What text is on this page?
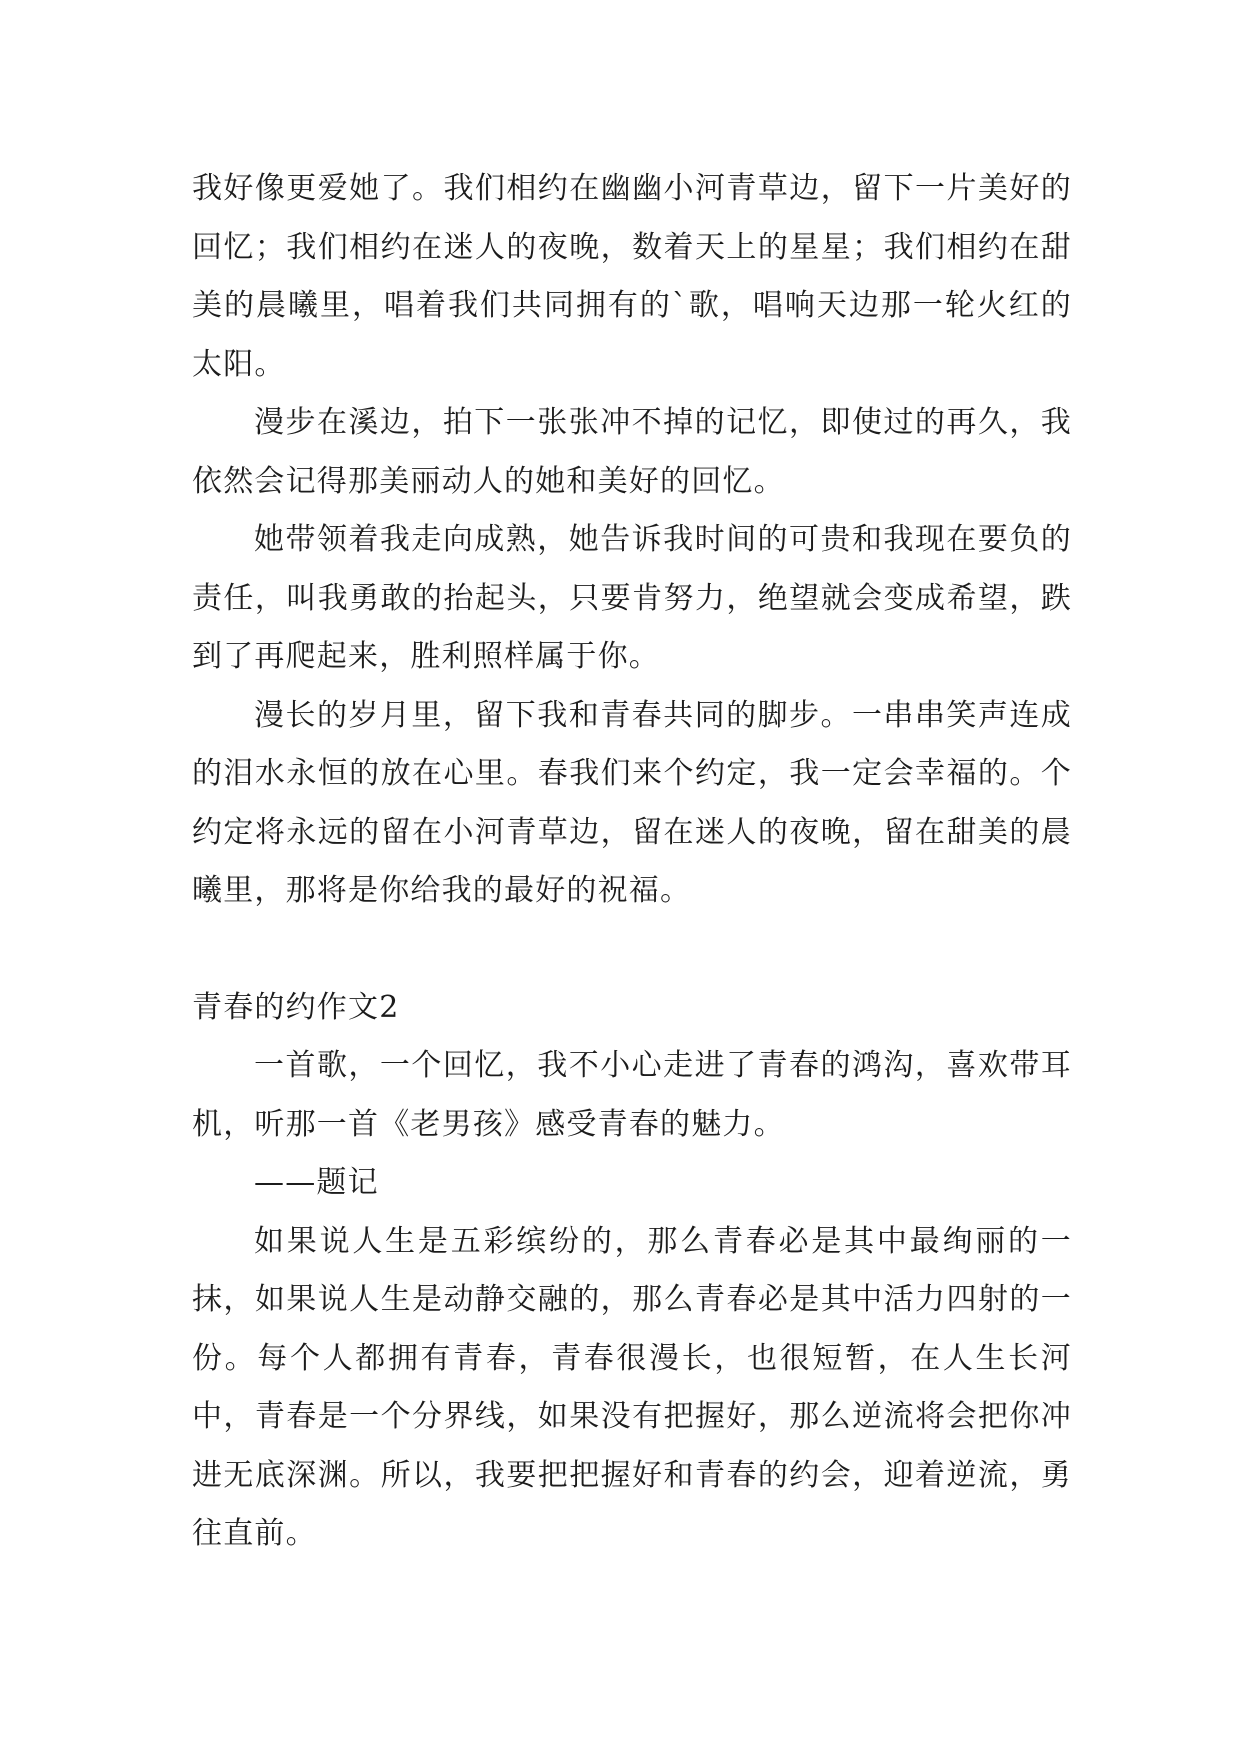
我好像更爱她了。我们相约在幽幽小河青草边，留下一片美好的回忆；我们相约在迷人的夜晚，数着天上的星星；我们相约在甜美的晨曦里，唱着我们共同拥有的`歌，唱响天边那一轮火红的太阳。

漫步在溪边，拍下一张张冲不掉的记忆，即使过的再久，我依然会记得那美丽动人的她和美好的回忆。

她带领着我走向成熟，她告诉我时间的可贵和我现在要负的责任，叫我勇敢的抬起头，只要肯努力，绝望就会变成希望，跌到了再爬起来，胜利照样属于你。

漫长的岁月里，留下我和青春共同的脚步。一串串笑声连成的泪水永恒的放在心里。春我们来个约定，我一定会幸福的。个约定将永远的留在小河青草边，留在迷人的夜晚，留在甜美的晨曦里，那将是你给我的最好的祝福。

青春的约作文2

一首歌，一个回忆，我不小心走进了青春的鸿沟，喜欢带耳机，听那一首《老男孩》感受青春的魅力。

——题记

如果说人生是五彩缤纷的，那么青春必是其中最绚丽的一抹，如果说人生是动静交融的，那么青春必是其中活力四射的一份。每个人都拥有青春，青春很漫长，也很短暂，在人生长河中，青春是一个分界线，如果没有把握好，那么逆流将会把你冲进无底深渊。所以，我要把把握好和青春的约会，迎着逆流，勇往直前。
